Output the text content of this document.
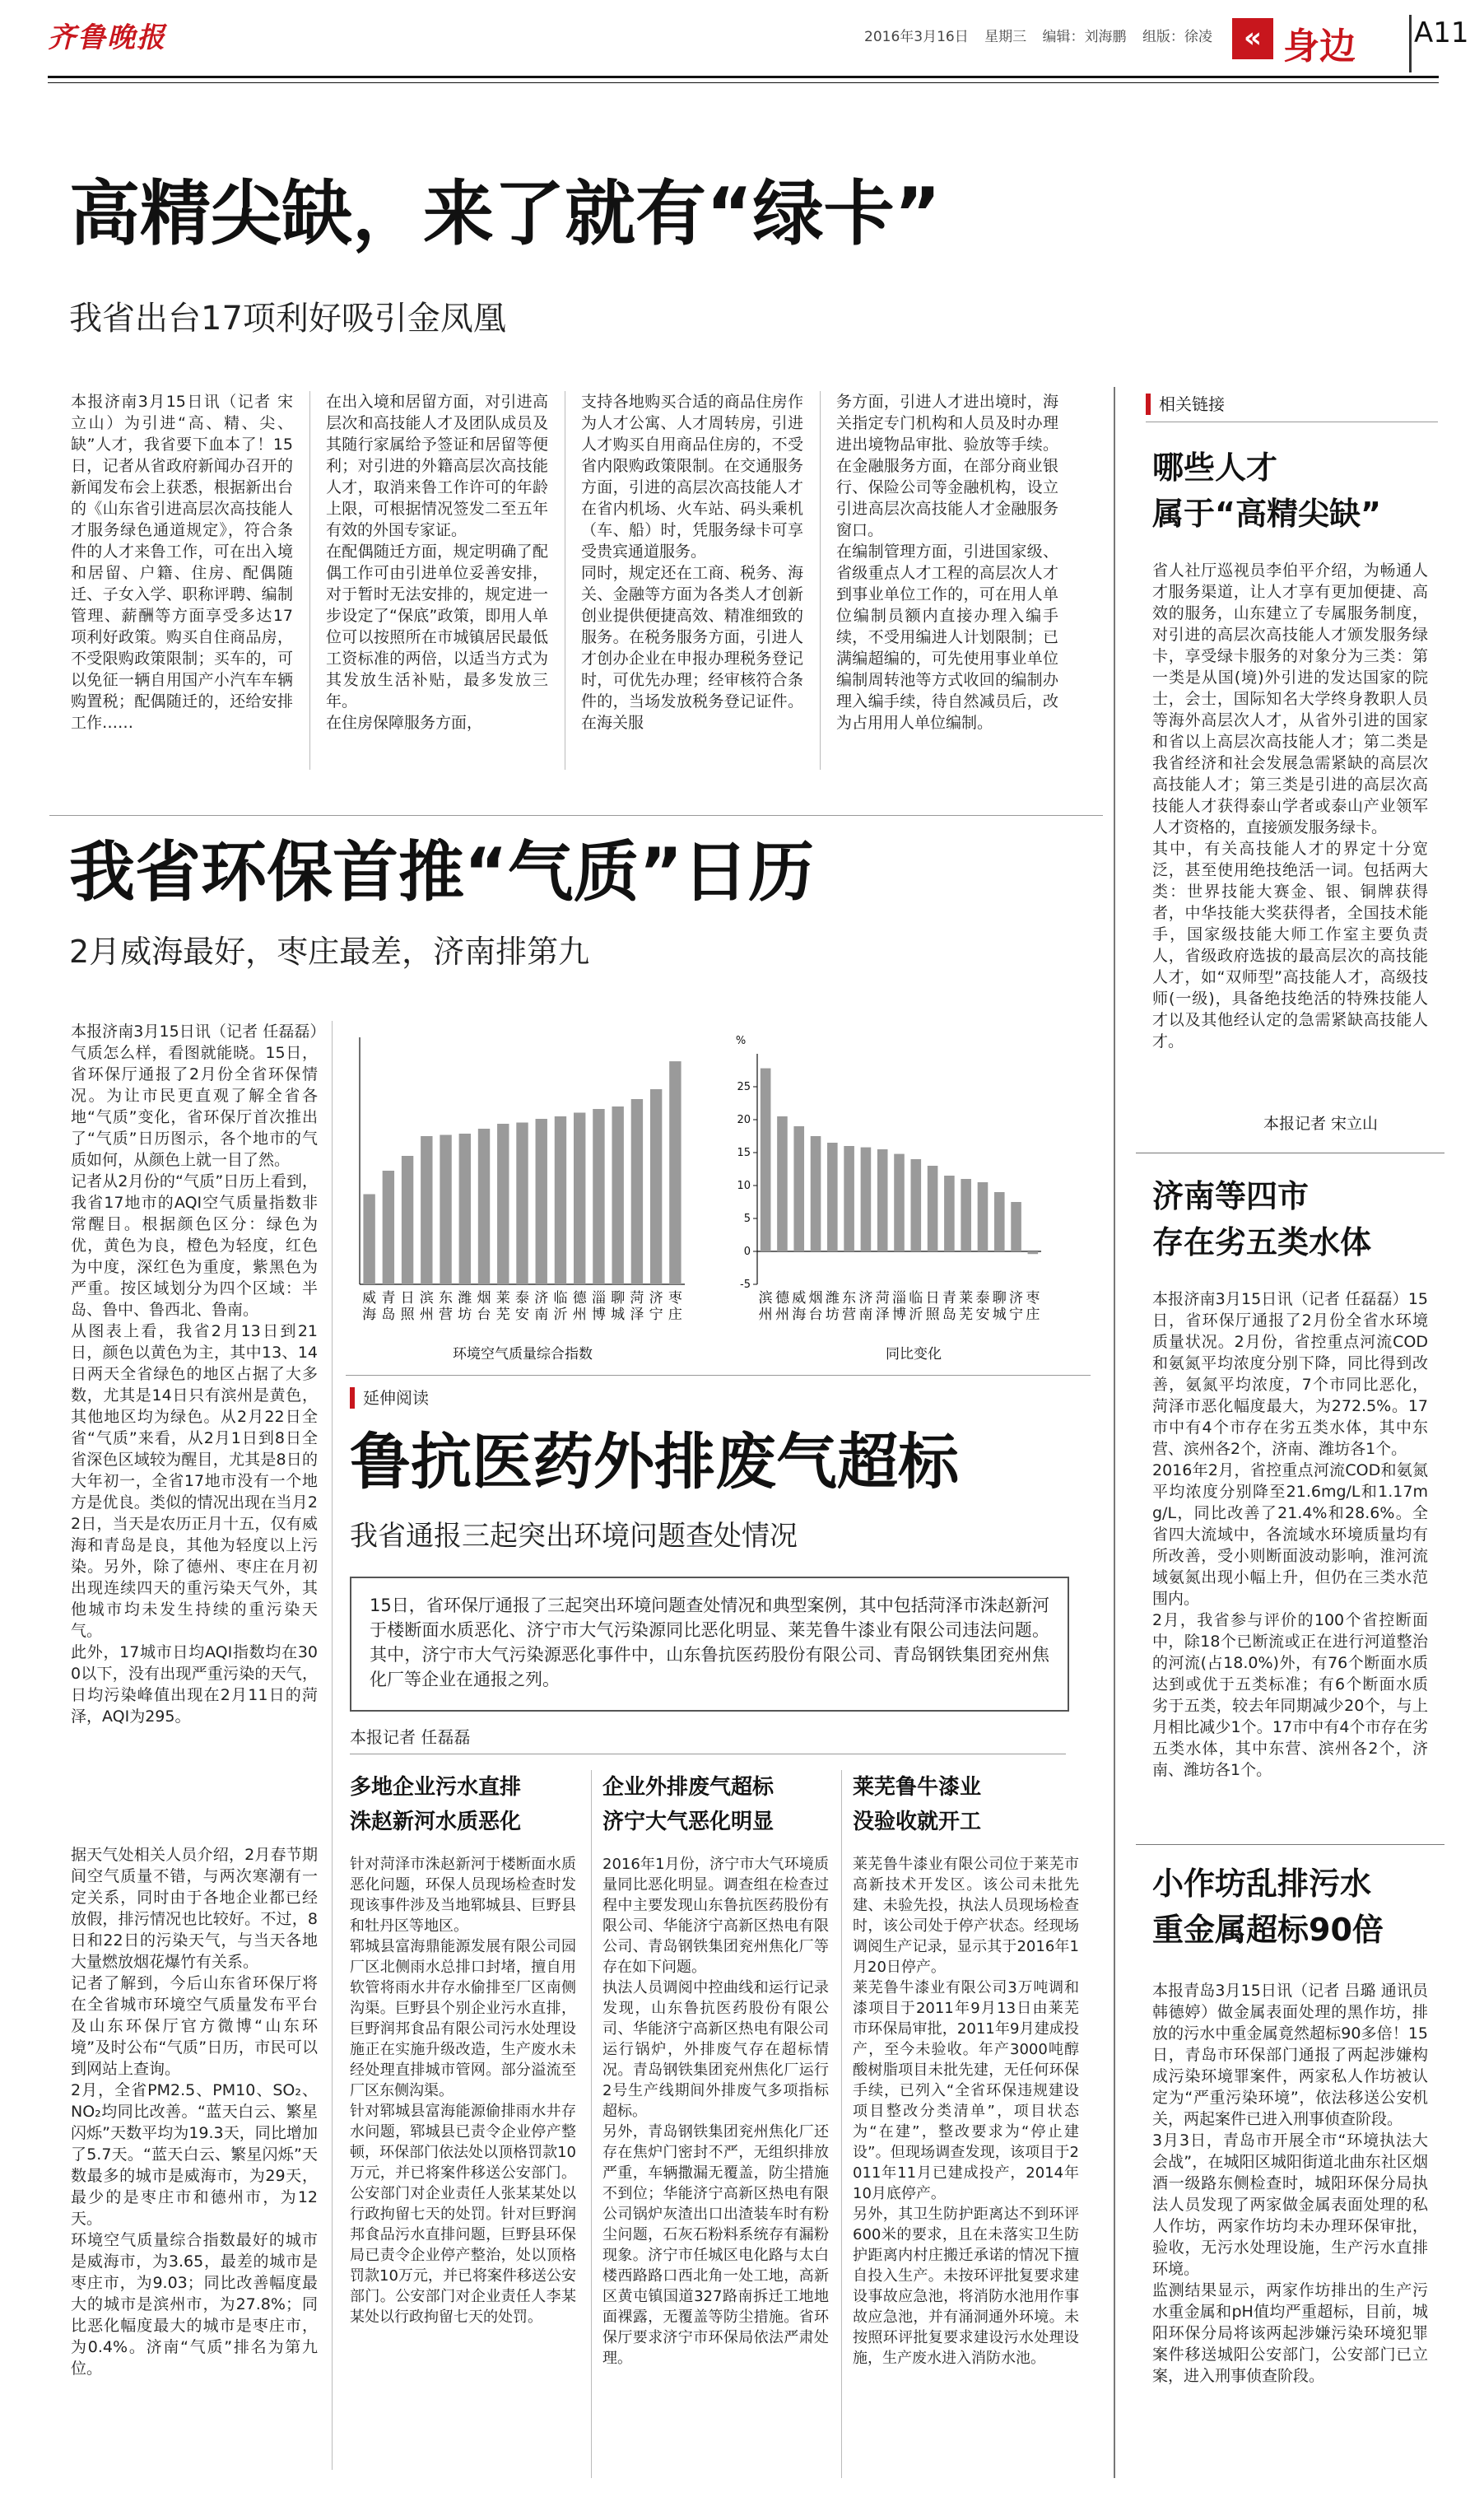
齐鲁晚报	2016年3月16日 星期三 编辑：刘海鹏 组版：徐凌	« 身边 A11
高精尖缺，来了就有“绿卡”
我省出台17项利好吸引金凤凰
本报济南3月15日讯（记者 宋立山）为引进“高、精、尖、缺”人才，我省要下血本了！15日，记者从省政府新闻办召开的新闻发布会上获悉，根据新出台的《山东省引进高层次高技能人才服务绿色通道规定》，符合条件的人才来鲁工作，可在出入境和居留、户籍、住房、配偶随迁、子女入学、职称评聘、编制管理、薪酬等方面享受多达17项利好政策。购买自住商品房，不受限购政策限制；买车的，可以免征一辆自用国产小汽车车辆购置税；配偶随迁的，还给安排工作……
在出入境和居留方面，对引进高层次和高技能人才及团队成员及其随行家属给予签证和居留等便利；对引进的外籍高层次高技能人才，取消来鲁工作许可的年龄上限，可根据情况签发二至五年有效的外国专家证。
在配偶随迁方面，规定明确了配偶工作可由引进单位妥善安排，对于暂时无法安排的，规定进一步设定了“保底”政策，即用人单位可以按照所在市城镇居民最低工资标准的两倍，以适当方式为其发放生活补贴，最多发放三年。
在住房保障服务方面，
支持各地购买合适的商品住房作为人才公寓、人才周转房，引进人才购买自用商品住房的，不受省内限购政策限制。在交通服务方面，引进的高层次高技能人才在省内机场、火车站、码头乘机（车、船）时，凭服务绿卡可享受贵宾通道服务。
同时，规定还在工商、税务、海关、金融等方面为各类人才创新创业提供便捷高效、精准细致的服务。在税务服务方面，引进人才创办企业在申报办理税务登记时，可优先办理；经审核符合条件的，当场发放税务登记证件。在海关服
务方面，引进人才进出境时，海关指定专门机构和人员及时办理进出境物品审批、验放等手续。在金融服务方面，在部分商业银行、保险公司等金融机构，设立引进高层次高技能人才金融服务窗口。
在编制管理方面，引进国家级、省级重点人才工程的高层次人才到事业单位工作的，可在用人单位编制员额内直接办理入编手续，不受用编进人计划限制；已满编超编的，可先使用事业单位编制周转池等方式收回的编制办理入编手续，待自然减员后，改为占用用人单位编制。
相关链接
哪些人才
属于“高精尖缺”
省人社厅巡视员李伯平介绍，为畅通人才服务渠道，让人才享有更加便捷、高效的服务，山东建立了专属服务制度，对引进的高层次高技能人才颁发服务绿卡，享受绿卡服务的对象分为三类：第一类是从国(境)外引进的发达国家的院士，会士，国际知名大学终身教职人员等海外高层次人才，从省外引进的国家和省以上高层次高技能人才；第二类是我省经济和社会发展急需紧缺的高层次高技能人才；第三类是引进的高层次高技能人才获得泰山学者或泰山产业领军人才资格的，直接颁发服务绿卡。
其中，有关高技能人才的界定十分宽泛，甚至使用绝技绝活一词。包括两大类：世界技能大赛金、银、铜牌获得者，中华技能大奖获得者，全国技术能手，国家级技能大师工作室主要负责人，省级政府选拔的最高层次的高技能人才，如“双师型”高技能人才，高级技师(一级)，具备绝技绝活的特殊技能人才以及其他经认定的急需紧缺高技能人才。
本报记者 宋立山
我省环保首推“气质”日历
2月威海最好，枣庄最差，济南排第九
本报济南3月15日讯（记者 任磊磊）气质怎么样，看图就能晓。15日，省环保厅通报了2月份全省环保情况。为让市民更直观了解全省各地“气质”变化，省环保厅首次推出了“气质”日历图示，各个地市的气质如何，从颜色上就一目了然。
记者从2月份的“气质”日历上看到，我省17地市的AQI空气质量指数非常醒目。根据颜色区分：绿色为优，黄色为良，橙色为轻度，红色为中度，深红色为重度，紫黑色为严重。按区域划分为四个区域：半岛、鲁中、鲁西北、鲁南。
从图表上看，我省2月13日到21日，颜色以黄色为主，其中13、14日两天全省绿色的地区占据了大多数，尤其是14日只有滨州是黄色，其他地区均为绿色。从2月22日全省“气质”来看，从2月1日到8日全省深色区域较为醒目，尤其是8日的大年初一，全省17地市没有一个地方是优良。类似的情况出现在当月22日，当天是农历正月十五，仅有威海和青岛是良，其他为轻度以上污染。另外，除了德州、枣庄在月初出现连续四天的重污染天气外，其他城市均未发生持续的重污染天气。
此外，17城市日均AQI指数均在300以下，没有出现严重污染的天气，日均污染峰值出现在2月11日的菏泽，AQI为295。
据天气处相关人员介绍，2月春节期间空气质量不错，与两次寒潮有一定关系，同时由于各地企业都已经放假，排污情况也比较好。不过，8日和22日的污染天气，与当天各地大量燃放烟花爆竹有关系。
记者了解到，今后山东省环保厅将在全省城市环境空气质量发布平台及山东环保厅官方微博“山东环境”及时公布“气质”日历，市民可以到网站上查询。
2月，全省PM2.5、PM10、SO₂、NO₂均同比改善。“蓝天白云、繁星闪烁”天数平均为19.3天，同比增加了5.7天。“蓝天白云、繁星闪烁”天数最多的城市是威海市，为29天，最少的是枣庄市和德州市，为12天。
环境空气质量综合指数最好的城市是威海市，为3.65，最差的城市是枣庄市，为9.03；同比改善幅度最大的城市是滨州市，为27.8%；同比恶化幅度最大的城市是枣庄市，为0.4%。济南“气质”排名为第九位。
威海
青岛
日照
滨州
东营
潍坊
烟台
莱芜
泰安
济南
临沂
德州
淄博
聊城
菏泽
济宁
枣庄
环境空气质量综合指数
-5
0
5
10
15
20
25
滨州
德州
威海
烟台
潍坊
东营
济南
菏泽
淄博
临沂
日照
青岛
莱芜
泰安
聊城
济宁
枣庄
%
同比变化
延伸阅读
鲁抗医药外排废气超标
我省通报三起突出环境问题查处情况
15日，省环保厅通报了三起突出环境问题查处情况和典型案例，其中包括菏泽市洙赵新河于楼断面水质恶化、济宁市大气污染源同比恶化明显、莱芜鲁牛漆业有限公司违法问题。其中，济宁市大气污染源恶化事件中，山东鲁抗医药股份有限公司、青岛钢铁集团兖州焦化厂等企业在通报之列。
本报记者 任磊磊
多地企业污水直排
洙赵新河水质恶化
针对菏泽市洙赵新河于楼断面水质恶化问题，环保人员现场检查时发现该事件涉及当地郓城县、巨野县和牡丹区等地区。
郓城县富海鼎能源发展有限公司园厂区北侧雨水总排口封堵，擅自用软管将雨水井存水偷排至厂区南侧沟渠。巨野县个别企业污水直排，巨野润邦食品有限公司污水处理设施正在实施升级改造，生产废水未经处理直排城市管网。部分溢流至厂区东侧沟渠。
针对郓城县富海能源偷排雨水井存水问题，郓城县已责令企业停产整顿，环保部门依法处以顶格罚款10万元，并已将案件移送公安部门。公安部门对企业责任人张某某处以行政拘留七天的处罚。针对巨野润邦食品污水直排问题，巨野县环保局已责令企业停产整治，处以顶格罚款10万元，并已将案件移送公安部门。公安部门对企业责任人李某某处以行政拘留七天的处罚。
企业外排废气超标
济宁大气恶化明显
2016年1月份，济宁市大气环境质量同比恶化明显。调查组在检查过程中主要发现山东鲁抗医药股份有限公司、华能济宁高新区热电有限公司、青岛钢铁集团兖州焦化厂等存在如下问题。
执法人员调阅中控曲线和运行记录发现，山东鲁抗医药股份有限公司、华能济宁高新区热电有限公司运行锅炉，外排废气存在超标情况。青岛钢铁集团兖州焦化厂运行2号生产线期间外排废气多项指标超标。
另外，青岛钢铁集团兖州焦化厂还存在焦炉门密封不严，无组织排放严重，车辆撒漏无覆盖，防尘措施不到位；华能济宁高新区热电有限公司锅炉灰渣出口出渣装车时有粉尘问题，石灰石粉料系统存有漏粉现象。济宁市任城区电化路与太白楼西路路口西北角一处工地，高新区黄屯镇国道327路南拆迁工地地面裸露，无覆盖等防尘措施。省环保厅要求济宁市环保局依法严肃处理。
莱芜鲁牛漆业
没验收就开工
莱芜鲁牛漆业有限公司位于莱芜市高新技术开发区。该公司未批先建、未验先投，执法人员现场检查时，该公司处于停产状态。经现场调阅生产记录，显示其于2016年1月20日停产。
莱芜鲁牛漆业有限公司3万吨调和漆项目于2011年9月13日由莱芜市环保局审批，2011年9月建成投产，至今未验收。年产3000吨醇酸树脂项目未批先建，无任何环保手续，已列入“全省环保违规建设项目整改分类清单”，项目状态为“在建”，整改要求为“停止建设”。但现场调查发现，该项目于2011年11月已建成投产，2014年10月底停产。
另外，其卫生防护距离达不到环评600米的要求，且在未落实卫生防护距离内村庄搬迁承诺的情况下擅自投入生产。未按环评批复要求建设事故应急池，将消防水池用作事故应急池，并有涌洞通外环境。未按照环评批复要求建设污水处理设施，生产废水进入消防水池。
济南等四市
存在劣五类水体
本报济南3月15日讯（记者 任磊磊）15日，省环保厅通报了2月份全省水环境质量状况。2月份，省控重点河流COD和氨氮平均浓度分别下降，同比得到改善，氨氮平均浓度，7个市同比恶化，菏泽市恶化幅度最大，为272.5%。17市中有4个市存在劣五类水体，其中东营、滨州各2个，济南、潍坊各1个。
2016年2月，省控重点河流COD和氨氮平均浓度分别降至21.6mg/L和1.17mg/L，同比改善了21.4%和28.6%。全省四大流域中，各流域水环境质量均有所改善，受小则断面波动影响，淮河流域氨氮出现小幅上升，但仍在三类水范围内。
2月，我省参与评价的100个省控断面中，除18个已断流或正在进行河道整治的河流(占18.0%)外，有76个断面水质达到或优于五类标准；有6个断面水质劣于五类，较去年同期减少20个，与上月相比减少1个。17市中有4个市存在劣五类水体，其中东营、滨州各2个，济南、潍坊各1个。
小作坊乱排污水
重金属超标90倍
本报青岛3月15日讯（记者 吕璐 通讯员 韩德婷）做金属表面处理的黑作坊，排放的污水中重金属竟然超标90多倍！15日，青岛市环保部门通报了两起涉嫌构成污染环境罪案件，两家私人作坊被认定为“严重污染环境”，依法移送公安机关，两起案件已进入刑事侦查阶段。
3月3日，青岛市开展全市“环境执法大会战”，在城阳区城阳街道北曲东社区烟酒一级路东侧检查时，城阳环保分局执法人员发现了两家做金属表面处理的私人作坊，两家作坊均未办理环保审批，验收，无污水处理设施，生产污水直排环境。
监测结果显示，两家作坊排出的生产污水重金属和pH值均严重超标，目前，城阳环保分局将该两起涉嫌污染环境犯罪案件移送城阳公安部门，公安部门已立案，进入刑事侦查阶段。
